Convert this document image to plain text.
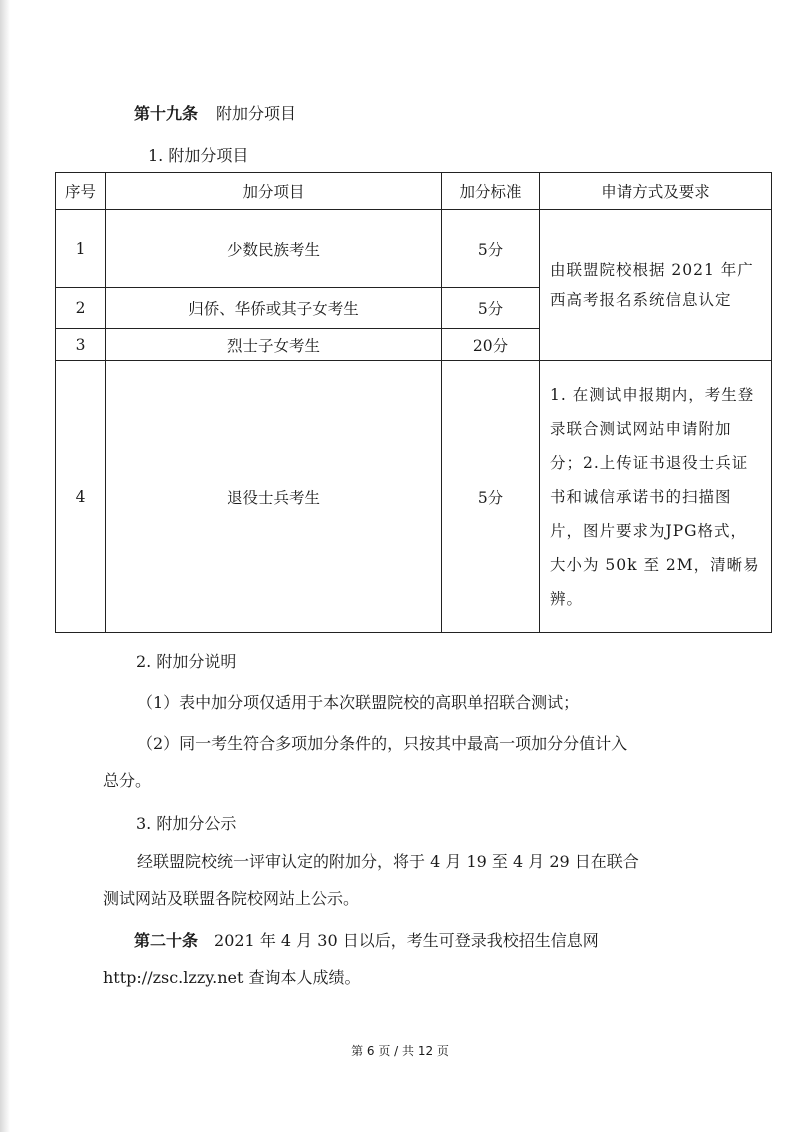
第十九条 附加分项目
1. 附加分项目
序号	加分项目	加分标准	申请方式及要求
1	少数民族考生	5分	由联盟院校根据 2021 年广西高考报名系统信息认定
2	归侨、华侨或其子女考生	5分	
3	烈士子女考生	20分	
4	退役士兵考生	5分	1. 在测试申报期内，考生登录联合测试网站申请附加分；2.上传证书退役士兵证书和诚信承诺书的扫描图片，图片要求为JPG格式，大小为 50k 至 2M，清晰易辨。
2. 附加分说明
（1）表中加分项仅适用于本次联盟院校的高职单招联合测试；
（2）同一考生符合多项加分条件的，只按其中最高一项加分分值计入
总分。
3. 附加分公示
经联盟院校统一评审认定的附加分，将于 4 月 19 至 4 月 29 日在联合
测试网站及联盟各院校网站上公示。
第二十条 2021 年 4 月 30 日以后，考生可登录我校招生信息网
http://zsc.lzzy.net 查询本人成绩。
第 6 页 / 共 12 页
